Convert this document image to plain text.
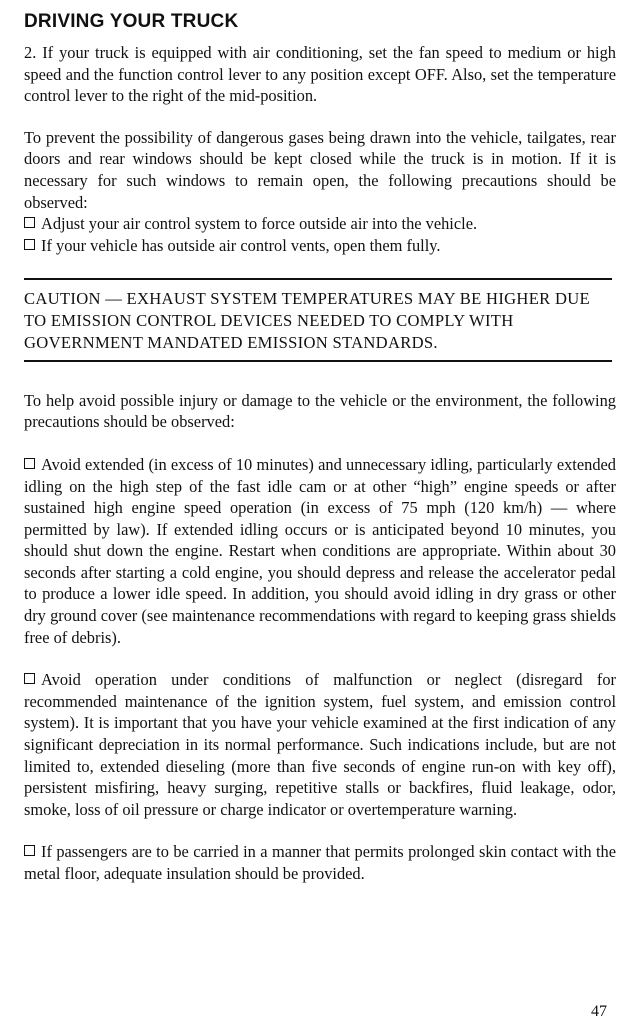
DRIVING YOUR TRUCK

2. If your truck is equipped with air conditioning, set the fan speed to medium or high speed and the function control lever to any position except OFF. Also, set the temperature control lever to the right of the mid-position.

To prevent the possibility of dangerous gases being drawn into the vehicle, tailgates, rear doors and rear windows should be kept closed while the truck is in motion. If it is necessary for such windows to remain open, the following precautions should be observed:

Adjust your air control system to force outside air into the vehicle.

If your vehicle has outside air control vents, open them fully.

CAUTION — EXHAUST SYSTEM TEMPERATURES MAY BE HIGHER DUE TO EMISSION CONTROL DEVICES NEEDED TO COMPLY WITH GOVERNMENT MANDATED EMISSION STANDARDS.

To help avoid possible injury or damage to the vehicle or the environment, the following precautions should be observed:

Avoid extended (in excess of 10 minutes) and unnecessary idling, particularly extended idling on the high step of the fast idle cam or at other “high” engine speeds or after sustained high engine speed operation (in excess of 75 mph (120 km/h) — where permitted by law). If extended idling occurs or is anticipated beyond 10 minutes, you should shut down the engine. Restart when conditions are appropriate. Within about 30 seconds after starting a cold engine, you should depress and release the accelerator pedal to produce a lower idle speed. In addition, you should avoid idling in dry grass or other dry ground cover (see maintenance recommendations with regard to keeping grass shields free of debris).

Avoid operation under conditions of malfunction or neglect (disregard for recommended maintenance of the ignition system, fuel system, and emission control system). It is important that you have your vehicle examined at the first indication of any significant depreciation in its normal performance. Such indications include, but are not limited to, extended dieseling (more than five seconds of engine run-on with key off), persistent misfiring, heavy surging, repetitive stalls or backfires, fluid leakage, odor, smoke, loss of oil pressure or charge indicator or overtemperature warning.

If passengers are to be carried in a manner that permits prolonged skin contact with the metal floor, adequate insulation should be provided.

47
